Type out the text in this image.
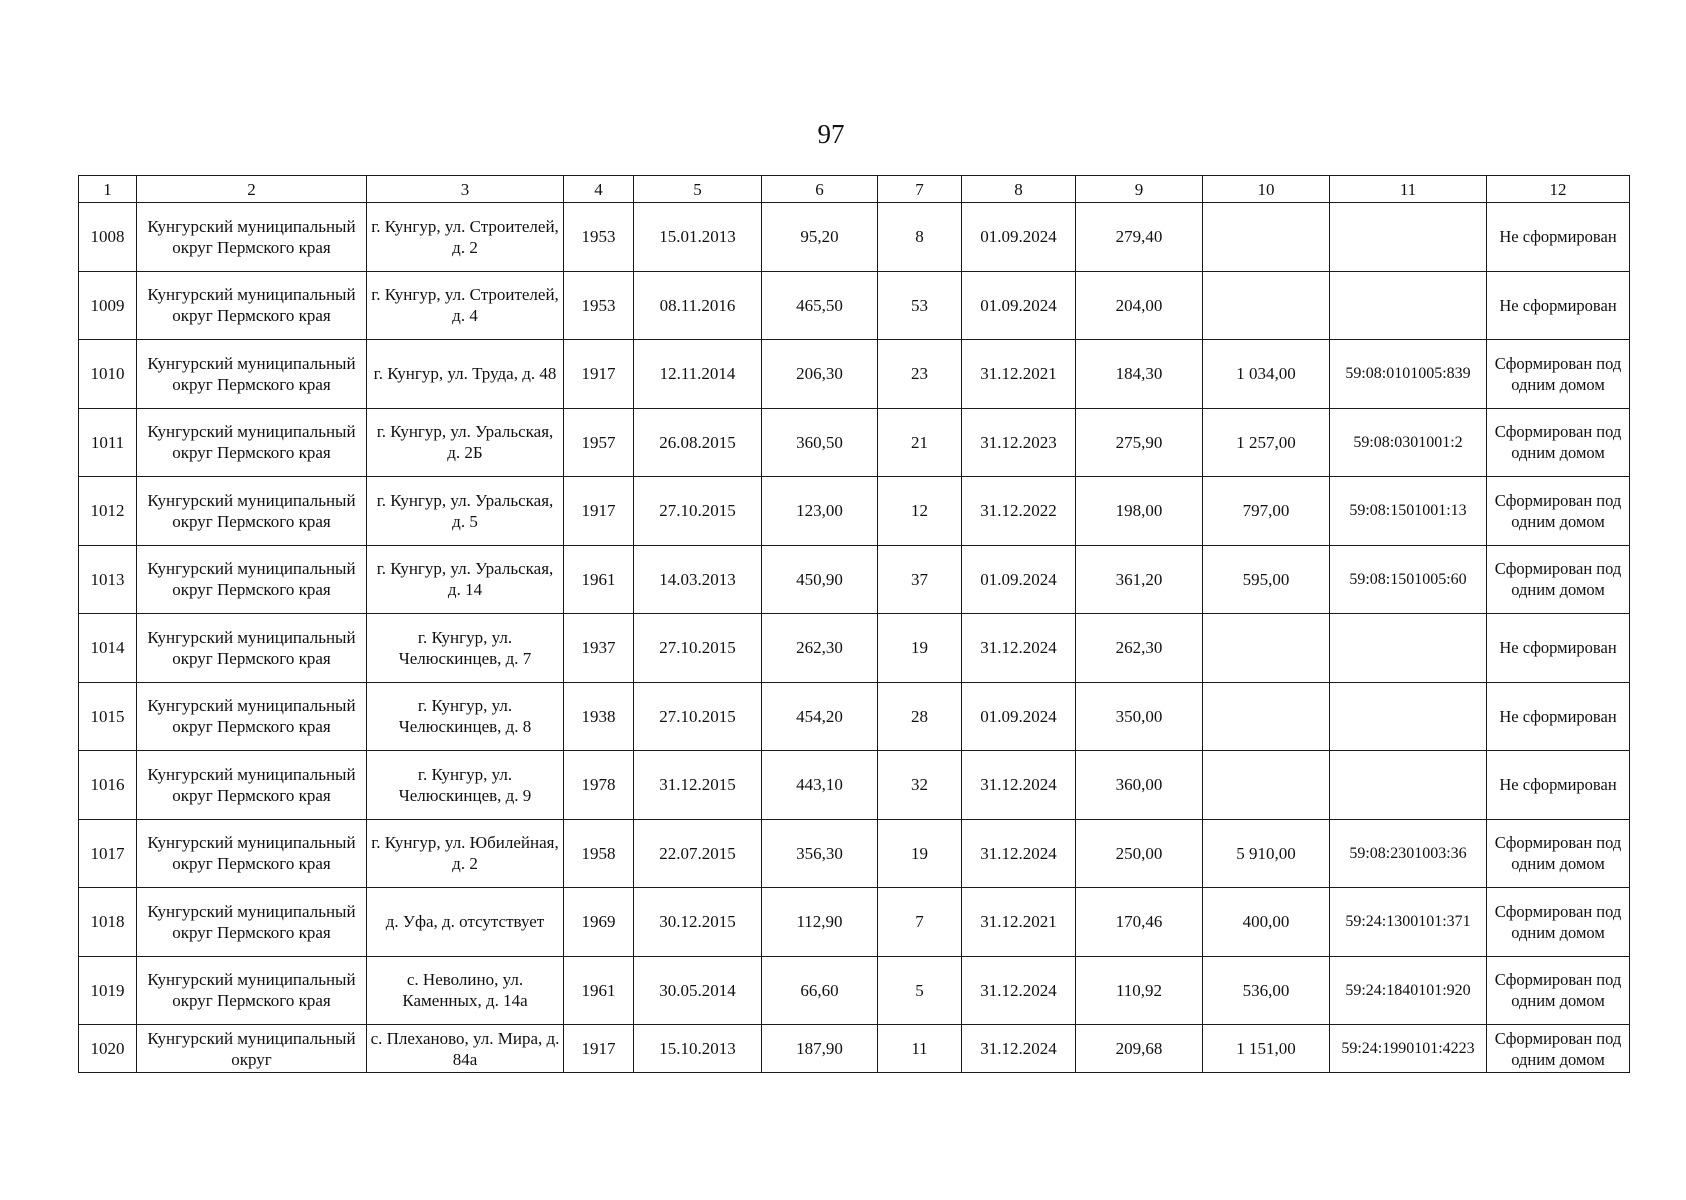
97
1	2	3	4	5	6	7	8	9	10	11	12
1008	Кунгурский муниципальный округ Пермского края	г. Кунгур, ул. Строителей, д. 2	1953	15.01.2013	95,20	8	01.09.2024	279,40			Не сформирован
1009	Кунгурский муниципальный округ Пермского края	г. Кунгур, ул. Строителей, д. 4	1953	08.11.2016	465,50	53	01.09.2024	204,00			Не сформирован
1010	Кунгурский муниципальный округ Пермского края	г. Кунгур, ул. Труда, д. 48	1917	12.11.2014	206,30	23	31.12.2021	184,30	1 034,00	59:08:0101005:839	Сформирован под одним домом
1011	Кунгурский муниципальный округ Пермского края	г. Кунгур, ул. Уральская, д. 2Б	1957	26.08.2015	360,50	21	31.12.2023	275,90	1 257,00	59:08:0301001:2	Сформирован под одним домом
1012	Кунгурский муниципальный округ Пермского края	г. Кунгур, ул. Уральская, д. 5	1917	27.10.2015	123,00	12	31.12.2022	198,00	797,00	59:08:1501001:13	Сформирован под одним домом
1013	Кунгурский муниципальный округ Пермского края	г. Кунгур, ул. Уральская, д. 14	1961	14.03.2013	450,90	37	01.09.2024	361,20	595,00	59:08:1501005:60	Сформирован под одним домом
1014	Кунгурский муниципальный округ Пермского края	г. Кунгур, ул. Челюскинцев, д. 7	1937	27.10.2015	262,30	19	31.12.2024	262,30			Не сформирован
1015	Кунгурский муниципальный округ Пермского края	г. Кунгур, ул. Челюскинцев, д. 8	1938	27.10.2015	454,20	28	01.09.2024	350,00			Не сформирован
1016	Кунгурский муниципальный округ Пермского края	г. Кунгур, ул. Челюскинцев, д. 9	1978	31.12.2015	443,10	32	31.12.2024	360,00			Не сформирован
1017	Кунгурский муниципальный округ Пермского края	г. Кунгур, ул. Юбилейная, д. 2	1958	22.07.2015	356,30	19	31.12.2024	250,00	5 910,00	59:08:2301003:36	Сформирован под одним домом
1018	Кунгурский муниципальный округ Пермского края	д. Уфа, д. отсутствует	1969	30.12.2015	112,90	7	31.12.2021	170,46	400,00	59:24:1300101:371	Сформирован под одним домом
1019	Кунгурский муниципальный округ Пермского края	с. Неволино, ул. Каменных, д. 14а	1961	30.05.2014	66,60	5	31.12.2024	110,92	536,00	59:24:1840101:920	Сформирован под одним домом
1020	Кунгурский муниципальный округ	с. Плеханово, ул. Мира, д. 84а	1917	15.10.2013	187,90	11	31.12.2024	209,68	1 151,00	59:24:1990101:4223	Сформирован под одним домом
